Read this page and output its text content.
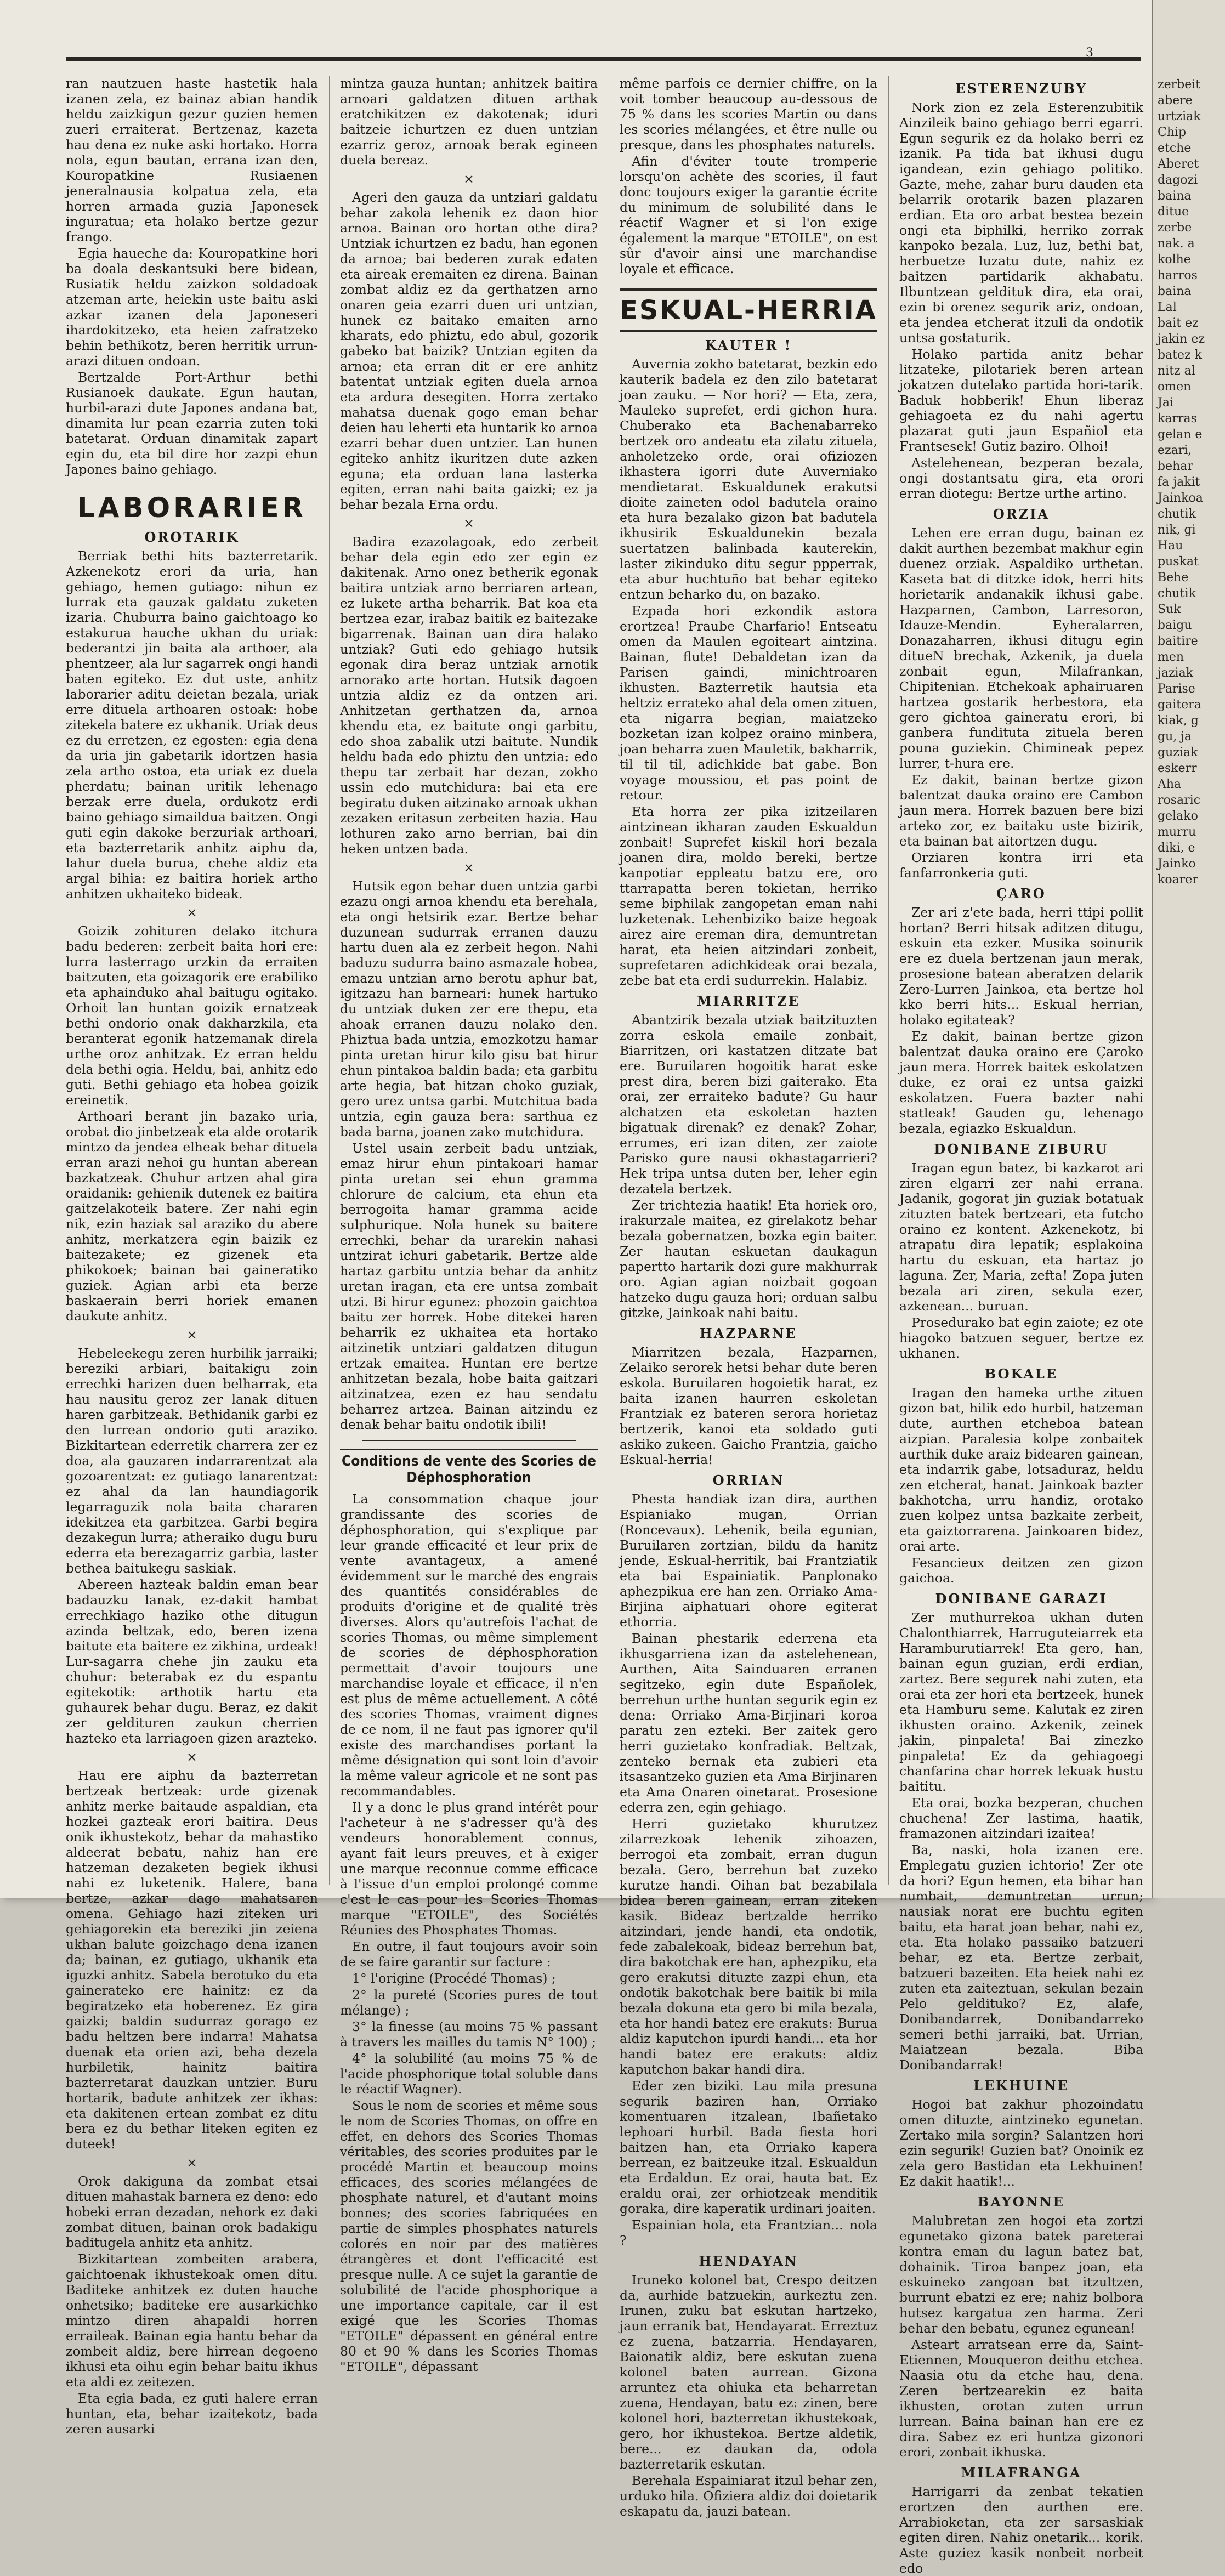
3

ran nautzuen haste hastetik hala izanen zela, ez bainaz abian handik heldu zaizkigun gezur guzien hemen zueri erraiterat. Bertzenaz, kazeta hau dena ez nuke aski hortako. Horra nola, egun bautan, errana izan den, Kouropatkine Rusiaenen jeneralnausia kolpatua zela, eta horren armada guzia Japonesek inguratua; eta holako bertze gezur frango.

Egia haueche da: Kouropatkine hori ba doala deskantsuki bere bidean, Rusiatik heldu zaizkon soldadoak atzeman arte, heiekin uste baitu aski azkar izanen dela Japoneseri ihardokitzeko, eta heien zafratzeko behin bethikotz, beren herritik urrun-arazi dituen ondoan.

Bertzalde Port-Arthur bethi Rusianoek daukate. Egun hautan, hurbil-arazi dute Japones andana bat, dinamita lur pean ezarria zuten toki batetarat. Orduan dinamitak zapart egin du, eta bil dire hor zazpi ehun Japones baino gehiago.

LABORARIER
OROTARIK

Berriak bethi hits bazterretarik. Azkenekotz erori da uria, han gehiago, hemen gutiago: nihun ez lurrak eta gauzak galdatu zuketen izaria. Chuburra baino gaichtoago ko estakurua hauche ukhan du uriak: bederantzi jin baita ala arthoer, ala phentzeer, ala lur sagarrek ongi handi baten egiteko. Ez dut uste, anhitz laborarier aditu deietan bezala, uriak erre dituela arthoaren ostoak: hobe zitekela batere ez ukhanik. Uriak deus ez du erretzen, ez egosten: egia dena da uria jin gabetarik idortzen hasia zela artho ostoa, eta uriak ez duela pherdatu; bainan uritik lehenago berzak erre duela, ordukotz erdi baino gehiago simaildua baitzen. Ongi guti egin dakoke berzuriak arthoari, eta bazterretarik anhitz aiphu da, lahur duela burua, chehe aldiz eta argal bihia: ez baitira horiek artho anhitzen ukhaiteko bideak.

×

Goizik zohituren delako itchura badu bederen: zerbeit baita hori ere: lurra lasterrago urzkin da erraiten baitzuten, eta goizagorik ere erabiliko eta aphainduko ahal baitugu ogitako. Orhoit lan huntan goizik ernatzeak bethi ondorio onak dakharzkila, eta beranterat egonik hatzemanak direla urthe oroz anhitzak. Ez erran heldu dela bethi ogia. Heldu, bai, anhitz edo guti. Bethi gehiago eta hobea goizik ereinetik.

Arthoari berant jin bazako uria, orobat dio jinbetzeak eta alde orotarik mintzo da jendea elheak behar dituela erran arazi nehoi gu huntan aberean bazkatzeak. Chuhur artzen ahal gira oraidanik: gehienik dutenek ez baitira gaitzelakoteik batere. Zer nahi egin nik, ezin haziak sal araziko du abere anhitz, merkatzera egin baizik ez baitezakete; ez gizenek eta phikokoek; bainan bai gaineratiko guziek. Agian arbi eta berze baskaerain berri horiek emanen daukute anhitz.

×

Hebeleekegu zeren hurbilik jarraiki; bereziki arbiari, baitakigu zoin errechki harizen duen belharrak, eta hau nausitu geroz zer lanak dituen haren garbitzeak. Bethidanik garbi ez den lurrean ondorio guti araziko. Bizkitartean ederretik charrera zer ez doa, ala gauzaren indarrarentzat ala gozoarentzat: ez gutiago lanarentzat: ez ahal da lan haundiagorik legarraguzik nola baita chararen idekitzea eta garbitzea. Garbi begira dezakegun lurra; atheraiko dugu buru ederra eta berezagarriz garbia, laster bethea baitukegu saskiak.

Abereen hazteak baldin eman bear badauzku lanak, ez-dakit hambat errechkiago haziko othe ditugun azinda beltzak, edo, beren izena baitute eta baitere ez zikhina, urdeak! Lur-sagarra chehe jin zauku eta chuhur: beterabak ez du espantu egitekotik: arthotik hartu eta guhaurek behar dugu. Beraz, ez dakit zer geldituren zaukun cherrien hazteko eta larriagoen gizen arazteko.

×

Hau ere aiphu da bazterretan bertzeak bertzeak: urde gizenak anhitz merke baitaude aspaldian, eta hozkei gazteak erori baitira. Deus onik ikhustekotz, behar da mahastiko aldeerat bebatu, nahiz han ere hatzeman dezaketen begiek ikhusi nahi ez luketenik. Halere, bana bertze, azkar dago mahatsaren omena. Gehiago hazi ziteken uri gehiagorekin eta bereziki jin zeiena ukhan balute goizchago dena izanen da; bainan, ez gutiago, ukhanik eta iguzki anhitz. Sabela berotuko du eta gainerateko ere hainitz: ez da begiratzeko eta hoberenez. Ez gira gaizki; baldin sudurraz gorago ez badu heltzen bere indarra! Mahatsa duenak eta orien azi, beha dezela hurbiletik, hainitz baitira bazterretarat dauzkan untzier. Buru hortarik, badute anhitzek zer ikhas: eta dakitenen ertean zombat ez ditu bera ez du bethar liteken egiten ez duteek!

×

Orok dakiguna da zombat etsai dituen mahastak barnera ez deno: edo hobeki erran dezadan, nehork ez daki zombat dituen, bainan orok badakigu baditugela anhitz eta anhitz.

Bizkitartean zombeiten arabera, gaichtoenak ikhustekoak omen ditu. Baditeke anhitzek ez duten hauche onhetsiko; baditeke ere ausarkichko mintzo diren ahapaldi horren erraileak. Bainan egia hantu behar da zombeit aldiz, bere hirrean degoeno ikhusi eta oihu egin behar baitu ikhus eta aldi ez zeitezen.

Eta egia bada, ez guti halere erran huntan, eta, behar izaitekotz, bada zeren ausarki

mintza gauza huntan; anhitzek baitira arnoari galdatzen dituen arthak eratchikitzen ez dakotenak; iduri baitzeie ichurtzen ez duen untzian ezarriz geroz, arnoak berak egineen duela bereaz.

×

Ageri den gauza da untziari galdatu behar zakola lehenik ez daon hior arnoa. Bainan oro hortan othe dira? Untziak ichurtzen ez badu, han egonen da arnoa; bai bederen zurak edaten eta aireak eremaiten ez direna. Bainan zombat aldiz ez da gerthatzen arno onaren geia ezarri duen uri untzian, hunek ez baitako emaiten arno kharats, edo phiztu, edo abul, gozorik gabeko bat baizik? Untzian egiten da arnoa; eta erran dit er ere anhitz batentat untziak egiten duela arnoa eta ardura desegiten. Horra zertako mahatsa duenak gogo eman behar deien hau leherti eta huntarik ko arnoa ezarri behar duen untzier. Lan hunen egiteko anhitz ikuritzen dute azken eguna; eta orduan lana lasterka egiten, erran nahi baita gaizki; ez ja behar bezala Erna ordu.

×

Badira ezazolagoak, edo zerbeit behar dela egin edo zer egin ez dakitenak. Arno onez betherik egonak baitira untziak arno berriaren artean, ez lukete artha beharrik. Bat koa eta bertzea ezar, irabaz baitik ez baitezake bigarrenak. Bainan uan dira halako untziak? Guti edo gehiago hutsik egonak dira beraz untziak arnotik arnorako arte hortan. Hutsik dagoen untzia aldiz ez da ontzen ari. Anhitzetan gerthatzen da, arnoa khendu eta, ez baitute ongi garbitu, edo shoa zabalik utzi baitute. Nundik heldu bada edo phiztu den untzia: edo thepu tar zerbait har dezan, zokho ussin edo mutchidura: bai eta ere begiratu duken aitzinako arnoak ukhan zezaken eritasun zerbeiten hazia. Hau lothuren zako arno berrian, bai din heken untzen bada.

×

Hutsik egon behar duen untzia garbi ezazu ongi arnoa khendu eta berehala, eta ongi hetsirik ezar. Bertze behar duzunean sudurrak erranen dauzu hartu duen ala ez zerbeit hegon. Nahi baduzu sudurra baino asmazale hobea, emazu untzian arno berotu aphur bat, igitzazu han barneari: hunek hartuko du untziak duken zer ere thepu, eta ahoak erranen dauzu nolako den. Phiztua bada untzia, emozkotzu hamar pinta uretan hirur kilo gisu bat hirur ehun pintakoa baldin bada; eta garbitu arte hegia, bat hitzan choko guziak, gero urez untsa garbi. Mutchitua bada untzia, egin gauza bera: sarthua ez bada barna, joanen zako mutchidura.

Ustel usain zerbeit badu untziak, emaz hirur ehun pintakoari hamar pinta uretan sei ehun gramma chlorure de calcium, eta ehun eta berrogoita hamar gramma acide sulphurique. Nola hunek su baitere errechki, behar da urarekin nahasi untzirat ichuri gabetarik. Bertze alde hartaz garbitu untzia behar da anhitz uretan iragan, eta ere untsa zombait utzi. Bi hirur egunez: phozoin gaichtoa baitu zer horrek. Hobe ditekei haren beharrik ez ukhaitea eta hortako aitzinetik untziari galdatzen ditugun ertzak emaitea. Huntan ere bertze anhitzetan bezala, hobe baita gaitzari aitzinatzea, ezen ez hau sendatu beharrez artzea. Bainan aitzindu ez denak behar baitu ondotik ibili!

Conditions de vente des Scories de Déphosphoration

La consommation chaque jour grandissante des scories de déphosphoration, qui s'explique par leur grande efficacité et leur prix de vente avantageux, a amené évidemment sur le marché des engrais des quantités considérables de produits d'origine et de qualité très diverses. Alors qu'autrefois l'achat de scories Thomas, ou même simplement de scories de déphosphoration permettait d'avoir toujours une marchandise loyale et efficace, il n'en est plus de même actuellement. A côté des scories Thomas, vraiment dignes de ce nom, il ne faut pas ignorer qu'il existe des marchandises portant la même désignation qui sont loin d'avoir la même valeur agricole et ne sont pas recommandables.

Il y a donc le plus grand intérêt pour l'acheteur à ne s'adresser qu'à des vendeurs honorablement connus, ayant fait leurs preuves, et à exiger une marque reconnue comme efficace à l'issue d'un emploi prolongé comme c'est le cas pour les Scories Thomas marque "ETOILE", des Sociétés Réunies des Phosphates Thomas.

En outre, il faut toujours avoir soin de se faire garantir sur facture :

1° l'origine (Procédé Thomas) ;

2° la pureté (Scories pures de tout mélange) ;

3° la finesse (au moins 75 % passant à travers les mailles du tamis N° 100) ;

4° la solubilité (au moins 75 % de l'acide phosphorique total soluble dans le réactif Wagner).

Sous le nom de scories et même sous le nom de Scories Thomas, on offre en effet, en dehors des Scories Thomas véritables, des scories produites par le procédé Martin et beaucoup moins efficaces, des scories mélangées de phosphate naturel, et d'autant moins bonnes; des scories fabriquées en partie de simples phosphates naturels colorés en noir par des matières étrangères et dont l'efficacité est presque nulle. A ce sujet la garantie de solubilité de l'acide phosphorique a une importance capitale, car il est exigé que les Scories Thomas "ETOILE" dépassent en général entre 80 et 90 % dans les Scories Thomas "ETOILE", dépassant

même parfois ce dernier chiffre, on la voit tomber beaucoup au-dessous de 75 % dans les scories Martin ou dans les scories mélangées, et être nulle ou presque, dans les phosphates naturels.

Afin d'éviter toute tromperie lorsqu'on achète des scories, il faut donc toujours exiger la garantie écrite du minimum de solubilité dans le réactif Wagner et si l'on exige également la marque "ETOILE", on est sûr d'avoir ainsi une marchandise loyale et efficace.

ESKUAL-HERRIA
KAUTER !

Auvernia zokho batetarat, bezkin edo kauterik badela ez den zilo batetarat joan zauku. — Nor hori? — Eta, zera, Mauleko suprefet, erdi gichon hura. Chuberako eta Bachenabarreko bertzek oro andeatu eta zilatu zituela, anholetzeko orde, orai ofiziozen ikhastera igorri dute Auverniako mendietarat. Eskualdunek erakutsi dioite zaineten odol badutela oraino eta hura bezalako gizon bat badutela ikhusirik Eskualdunekin bezala suertatzen balinbada kauterekin, laster zikinduko ditu segur ppperrak, eta abur huchtuño bat behar egiteko entzun beharko du, on bazako.

Ezpada hori ezkondik astora erortzea! Praube Charfario! Entseatu omen da Maulen egoiteart aintzina. Bainan, flute! Debaldetan izan da Parisen gaindi, minichtroaren ikhusten. Bazterretik hautsia eta heltziz errateko ahal dela omen zituen, eta nigarra begian, maiatzeko bozketan izan kolpez oraino minbera, joan beharra zuen Mauletik, bakharrik, til til til, adichkide bat gabe. Bon voyage moussiou, et pas point de retour.

Eta horra zer pika izitzeilaren aintzinean ikharan zauden Eskualdun zonbait! Suprefet kiskil hori bezala joanen dira, moldo bereki, bertze kanpotiar eppleatu batzu ere, oro ttarrapatta beren tokietan, herriko seme biphilak zangopetan eman nahi luzketenak. Lehenbiziko baize hegoak airez aire ereman dira, demuntretan harat, eta heien aitzindari zonbeit, suprefetaren adichkideak orai bezala, zebe bat eta erdi sudurrekin. Halabiz.

MIARRITZE

Abantzirik bezala utziak baitzituzten zorra eskola emaile zonbait, Biarritzen, ori kastatzen ditzate bat ere. Buruilaren hogoitik harat eske prest dira, beren bizi gaiterako. Eta orai, zer erraiteko badute? Gu haur alchatzen eta eskoletan hazten bigatuak direnak? ez denak? Zohar, errumes, eri izan diten, zer zaiote Parisko gure nausi okhastagarrieri? Hek tripa untsa duten ber, leher egin dezatela bertzek.

Zer trichtezia haatik! Eta horiek oro, irakurzale maitea, ez girelakotz behar bezala gobernatzen, bozka egin baiter. Zer hautan eskuetan daukagun papertto hartarik dozi gure makhurrak oro. Agian agian noizbait gogoan hatzeko dugu gauza hori; orduan salbu gitzke, Jainkoak nahi baitu.

HAZPARNE

Miarritzen bezala, Hazparnen, Zelaiko serorek hetsi behar dute beren eskola. Buruilaren hogoietik harat, ez baita izanen haurren eskoletan Frantziak ez bateren serora horietaz bertzerik, kanoi eta soldado guti askiko zukeen. Gaicho Frantzia, gaicho Eskual-herria!

ORRIAN

Phesta handiak izan dira, aurthen Espianiako mugan, Orrian (Roncevaux). Lehenik, beila egunian, Buruilaren zortzian, bildu da hanitz jende, Eskual-herritik, bai Frantziatik eta bai Espainiatik. Panplonako aphezpikua ere han zen. Orriako Ama-Birjina aiphatuari ohore egiterat ethorria.

Bainan phestarik ederrena eta ikhusgarriena izan da astelehenean, Aurthen, Aita Sainduaren erranen segitzeko, egin dute Españolek, berrehun urthe huntan segurik egin ez dena: Orriako Ama-Birjinari koroa paratu zen ezteki. Ber zaitek gero herri guzietako konfradiak. Beltzak, zenteko bernak eta zubieri eta itsasantzeko guzien eta Ama Birjinaren eta Ama Onaren oinetarat. Prosesione ederra zen, egin gehiago.

Herri guzietako khurutzez zilarrezkoak lehenik zihoazen, berrogoi eta zombait, erran dugun bezala. Gero, berrehun bat zuzeko kurutze handi. Oihan bat bezabilala bidea beren gainean, erran ziteken kasik. Bideaz bertzalde herriko aitzindari, jende handi, eta ondotik, fede zabalekoak, bideaz berrehun bat, dira bakotchak ere han, aphezpiku, eta gero erakutsi dituzte zazpi ehun, eta ondotik bakotchak bere baitik bi mila bezala dokuna eta gero bi mila bezala, eta hor handi batez ere erakuts: Burua aldiz kaputchon ipurdi handi... eta hor handi batez ere erakuts: aldiz kaputchon bakar handi dira.

Eder zen biziki. Lau mila presuna segurik baziren han, Orriako komentuaren itzalean, Ibañetako lephoari hurbil. Bada fiesta hori baitzen han, eta Orriako kapera berrean, ez baitzeuke itzal. Eskualdun eta Erdaldun. Ez orai, hauta bat. Ez eraldu orai, zer orhiotzeak menditik goraka, dire kaperatik urdinari joaiten.

Espainian hola, eta Frantzian... nola ?

HENDAYAN

Iruneko kolonel bat, Crespo deitzen da, aurhide batzuekin, aurkeztu zen. Irunen, zuku bat eskutan hartzeko, jaun erranik bat, Hendayarat. Erreztuz ez zuena, batzarria. Hendayaren, Baionatik aldiz, bere eskutan zuena kolonel baten aurrean. Gizona arruntez eta ohiuka eta beharretan zuena, Hendayan, batu ez: zinen, bere kolonel hori, bazterretan ikhustekoak, gero, hor ikhustekoa. Bertze aldetik, bere... ez daukan da, odola bazterretarik eskutan.

Berehala Espainiarat itzul behar zen, urduko hila. Ofiziera aldiz doi doietarik eskapatu da, jauzi batean.

ESTERENZUBY

Nork zion ez zela Esterenzubitik Ainzileik baino gehiago berri egarri. Egun segurik ez da holako berri ez izanik. Pa tida bat ikhusi dugu igandean, ezin gehiago politiko. Gazte, mehe, zahar buru dauden eta belarrik orotarik bazen plazaren erdian. Eta oro arbat bestea bezein ongi eta biphilki, herriko zorrak kanpoko bezala. Luz, luz, bethi bat, herbuetze luzatu dute, nahiz ez baitzen partidarik akhabatu. Ilbuntzean geldituk dira, eta orai, ezin bi orenez segurik ariz, ondoan, eta jendea etcherat itzuli da ondotik untsa gostaturik.

Holako partida anitz behar litzateke, pilotariek beren artean jokatzen dutelako partida hori-tarik. Baduk hobberik! Ehun liberaz gehiagoeta ez du nahi agertu plazarat guti jaun Españiol eta Frantsesek! Gutiz baziro. Olhoi!

Astelehenean, bezperan bezala, ongi dostantsatu gira, eta orori erran diotegu: Bertze urthe artino.

ORZIA

Lehen ere erran dugu, bainan ez dakit aurthen bezembat makhur egin duenez orziak. Aspaldiko urthetan. Kaseta bat di ditzke idok, herri hits horietarik andanakik ikhusi gabe. Hazparnen, Cambon, Larresoron, Idauze-Mendin. Eyheralarren, Donazaharren, ikhusi ditugu egin ditueN brechak, Azkenik, ja duela zonbait egun, Milafrankan, Chipitenian. Etchekoak aphairuaren hartzea gostarik herbestora, eta gero gichtoa gaineratu erori, bi ganbera fundituta zituela beren pouna guziekin. Chimineak pepez lurrer, t-hura ere.

Ez dakit, bainan bertze gizon balentzat dauka oraino ere Cambon jaun mera. Horrek bazuen bere bizi arteko zor, ez baitaku uste bizirik, eta bainan bat aitortzen dugu.

Orziaren kontra irri eta fanfarronkeria guti.

ÇARO

Zer ari z'ete bada, herri ttipi pollit hortan? Berri hitsak aditzen ditugu, eskuin eta ezker. Musika soinurik ere ez duela bertzenan jaun merak, prosesione batean aberatzen delarik Zero-Lurren Jainkoa, eta bertze hol kko berri hits... Eskual herrian, holako egitateak?

Ez dakit, bainan bertze gizon balentzat dauka oraino ere Çaroko jaun mera. Horrek baitek eskolatzen duke, ez orai ez untsa gaizki eskolatzen. Fuera bazter nahi statleak! Gauden gu, lehenago bezala, egiazko Eskualdun.

DONIBANE ZIBURU

Iragan egun batez, bi kazkarot ari ziren elgarri zer nahi errana. Jadanik, gogorat jin guziak botatuak zituzten batek bertzeari, eta futcho oraino ez kontent. Azkenekotz, bi atrapatu dira lepatik; esplakoina hartu du eskuan, eta hartaz jo laguna. Zer, Maria, zefta! Zopa juten bezala ari ziren, sekula ezer, azkenean... buruan.

Prosedurako bat egin zaiote; ez ote hiagoko batzuen seguer, bertze ez ukhanen.

BOKALE

Iragan den hameka urthe zituen gizon bat, hilik edo hurbil, hatzeman dute, aurthen etcheboa batean aizpian. Paralesia kolpe zonbaitek aurthik duke araiz bidearen gainean, eta indarrik gabe, lotsaduraz, heldu zen etcherat, hanat. Jainkoak bazter bakhotcha, urru handiz, orotako zuen kolpez untsa bazkaite zerbeit, eta gaiztorrarena. Jainkoaren bidez, orai arte.

Fesancieux deitzen zen gizon gaichoa.

DONIBANE GARAZI

Zer muthurrekoa ukhan duten Chalonthiarrek, Harruguteiarrek eta Haramburutiarrek! Eta gero, han, bainan egun guzian, erdi erdian, zartez. Bere segurek nahi zuten, eta orai eta zer hori eta bertzeek, hunek eta Hamburu seme. Kalutak ez ziren ikhusten oraino. Azkenik, zeinek jakin, pinpaleta! Bai zinezko pinpaleta! Ez da gehiagoegi chanfarina char horrek lekuak hustu baititu.

Eta orai, bozka bezperan, chuchen chuchena! Zer lastima, haatik, framazonen aitzindari izaitea!

Ba, naski, hola izanen ere. Emplegatu guzien ichtorio! Zer ote da hori? Egun hemen, eta bihar han numbait, demuntretan urrun; nausiak norat ere buchtu egiten baitu, eta harat joan behar, nahi ez, eta. Eta holako passaiko batzueri behar, ez eta. Bertze zerbait, batzueri bazeiten. Eta heiek nahi ez zuten eta zaiteztuan, sekulan bezain Pelo geldituko? Ez, alafe, Donibandarrek, Donibandarreko semeri bethi jarraiki, bat. Urrian, Maiatzean bezala. Biba Donibandarrak!

LEKHUINE

Hogoi bat zakhur phozoindatu omen dituzte, aintzineko egunetan. Zertako mila sorgin? Salantzen hori ezin segurik! Guzien bat? Onoinik ez zela gero Bastidan eta Lekhuinen! Ez dakit haatik!...

BAYONNE

Malubretan zen hogoi eta zortzi egunetako gizona batek pareterai kontra eman du lagun batez bat, dohainik. Tiroa banpez joan, eta eskuineko zangoan bat itzultzen, burrunt ebatzi ez ere; nahiz bolbora hutsez kargatua zen harma. Zeri behar den bebatu, egunez egunean!

Asteart arratsean erre da, Saint-Etiennen, Mouqueron deithu etchea. Naasia otu da etche hau, dena. Zeren bertzearekin ez baita ikhusten, orotan zuten urrun lurrean. Baina bainan han ere ez dira. Sabez ez eri huntza gizonori erori, zonbait ikhuska.

MILAFRANGA

Harrigarri da zenbat tekatien erortzen den aurthen ere. Arrabioketan, eta zer sarsaskiak egiten diren. Nahiz onetarik... korik. Aste guziez kasik nonbeit norbeit edo

zerbeit
abere
urtziak
Chip
etche
Aberet
dagozi
baina
ditue
zerbe
nak. a
kolhe
harros
baina
Lal
bait ez
jakin ez
batez k
nitz al
omen
Jai
karras
gelan e
ezari,
behar
fa jakit
Jainkoa
chutik
nik, gi
Hau
puskat
Behe
chutik
Suk
baigu
baitire
men
jaziak
Parise
gaitera
kiak, g
gu, ja
guziak
eskerr
Aha
rosaric
gelako
murru
diki, e
Jainko
koarer
